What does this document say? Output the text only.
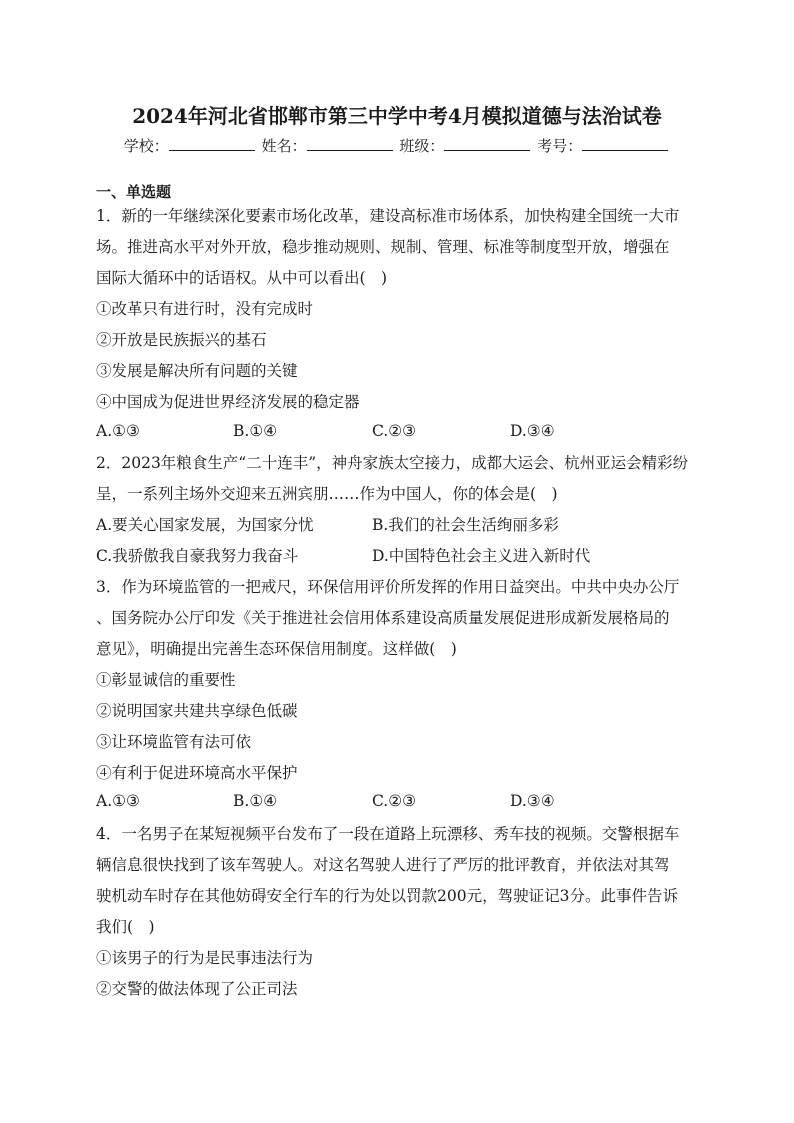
2024年河北省邯郸市第三中学中考4月模拟道德与法治试卷
学校：	姓名：	班级：	考号：
一、单选题
1．新的一年继续深化要素市场化改革，建设高标准市场体系，加快构建全国统一大市
场。推进高水平对外开放，稳步推动规则、规制、管理、标准等制度型开放，增强在
国际大循环中的话语权。从中可以看出(　)
①改革只有进行时，没有完成时
②开放是民族振兴的基石
③发展是解决所有问题的关键
④中国成为促进世界经济发展的稳定器
A.①③	B.①④	C.②③	D.③④
2．2023年粮食生产“二十连丰”，神舟家族太空接力，成都大运会、杭州亚运会精彩纷
呈，一系列主场外交迎来五洲宾朋……作为中国人，你的体会是(　)
A.要关心国家发展，为国家分忧	B.我们的社会生活绚丽多彩
C.我骄傲我自豪我努力我奋斗	D.中国特色社会主义进入新时代
3．作为环境监管的一把戒尺，环保信用评价所发挥的作用日益突出。中共中央办公厅
、国务院办公厅印发《关于推进社会信用体系建设高质量发展促进形成新发展格局的
意见》，明确提出完善生态环保信用制度。这样做(　)
①彰显诚信的重要性
②说明国家共建共享绿色低碳
③让环境监管有法可依
④有利于促进环境高水平保护
A.①③	B.①④	C.②③	D.③④
4．一名男子在某短视频平台发布了一段在道路上玩漂移、秀车技的视频。交警根据车
辆信息很快找到了该车驾驶人。对这名驾驶人进行了严厉的批评教育，并依法对其驾
驶机动车时存在其他妨碍安全行车的行为处以罚款200元，驾驶证记3分。此事件告诉
我们(　)
①该男子的行为是民事违法行为
②交警的做法体现了公正司法
